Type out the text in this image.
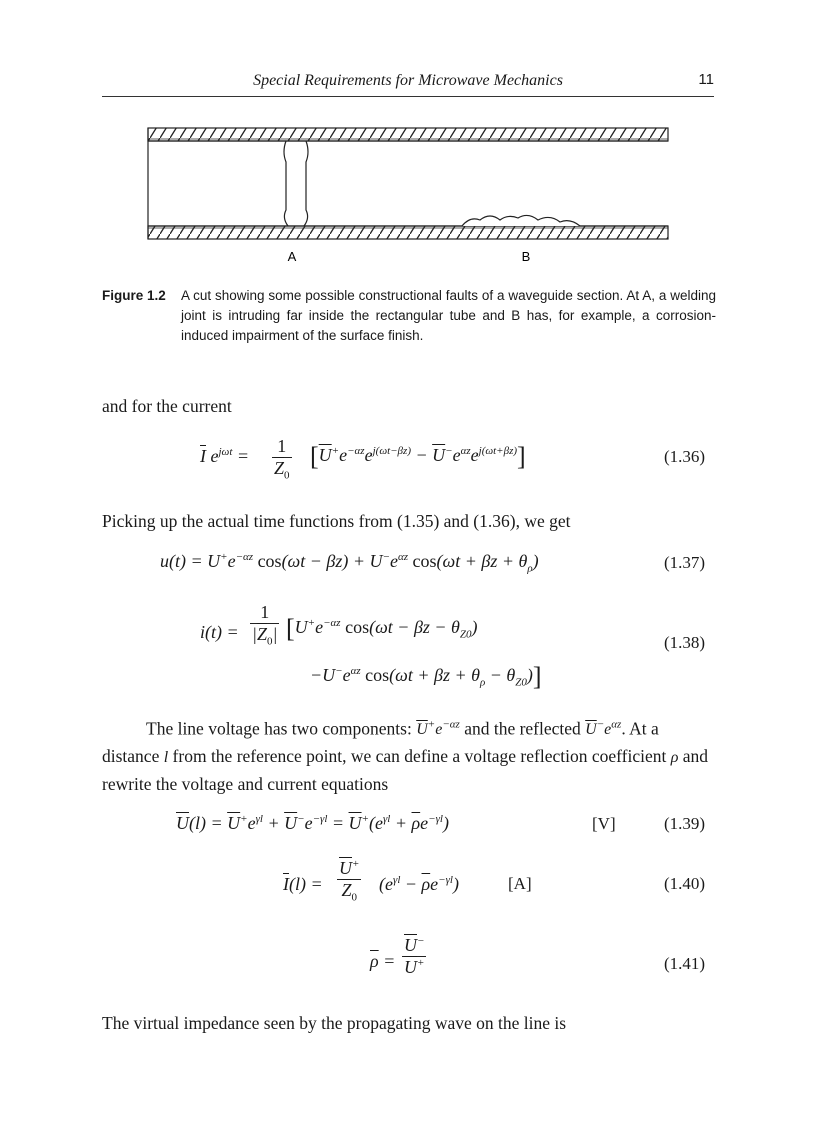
Special Requirements for Microwave Mechanics	11
A	B
Figure 1.2 A cut showing some possible constructional faults of a waveguide section. At A, a welding joint is intruding far inside the rectangular tube and B has, for example, a corrosion-induced impairment of the surface finish.
and for the current
$\overline{I}$ $e^{j\omega t} = \frac{1}{\overline{Z}_0} [\overline{U}^+e^{-\alpha z}e^{j(\omega t-\beta z)} - \overline{U}^-e^{\alpha z}e^{j(\omega t+\beta z)}]$	(1.36)
Picking up the actual time functions from (1.35) and (1.36), we get
$u(t) = U^+e^{-\alpha z}$ $\cos(\omega t - \beta z) + U^-e^{\alpha z}$ $\cos(\omega t + \beta z + \theta_\rho)$	(1.37)
$i(t) = \frac{1}{|\overline{Z}_0|} [U^+e^{-\alpha z}$ $\cos(\omega t - \beta z - \theta_{Z0})$
$-U^-e^{\alpha z}$ $\cos(\omega t + \beta z + \theta_\rho - \theta_{Z0})$]
(1.38)
The line voltage has two components: $\overline{U}^+e^{-\alpha z}$ and the reflected $\overline{U}^-e^{\alpha z}$. At a distance l from the reference point, we can define a voltage reflection coefficient ρ and rewrite the voltage and current equations
$\overline{U}(l) = \overline{U}^+e^{\gamma l} + \overline{U}^-e^{-\gamma l} = \overline{U}^+(e^{\gamma l} + \overline{\rho}e^{-\gamma l})$	[V]	(1.39)
$\overline{I}(l) = \frac{\overline{U}^+}{\overline{Z}_0} (e^{\gamma l} - \overline{\rho}e^{-\gamma l})$	[A]	(1.40)
$\overline{\rho} = \frac{\overline{U}^-}{\overline{U}^+}$	(1.41)
The virtual impedance seen by the propagating wave on the line is
